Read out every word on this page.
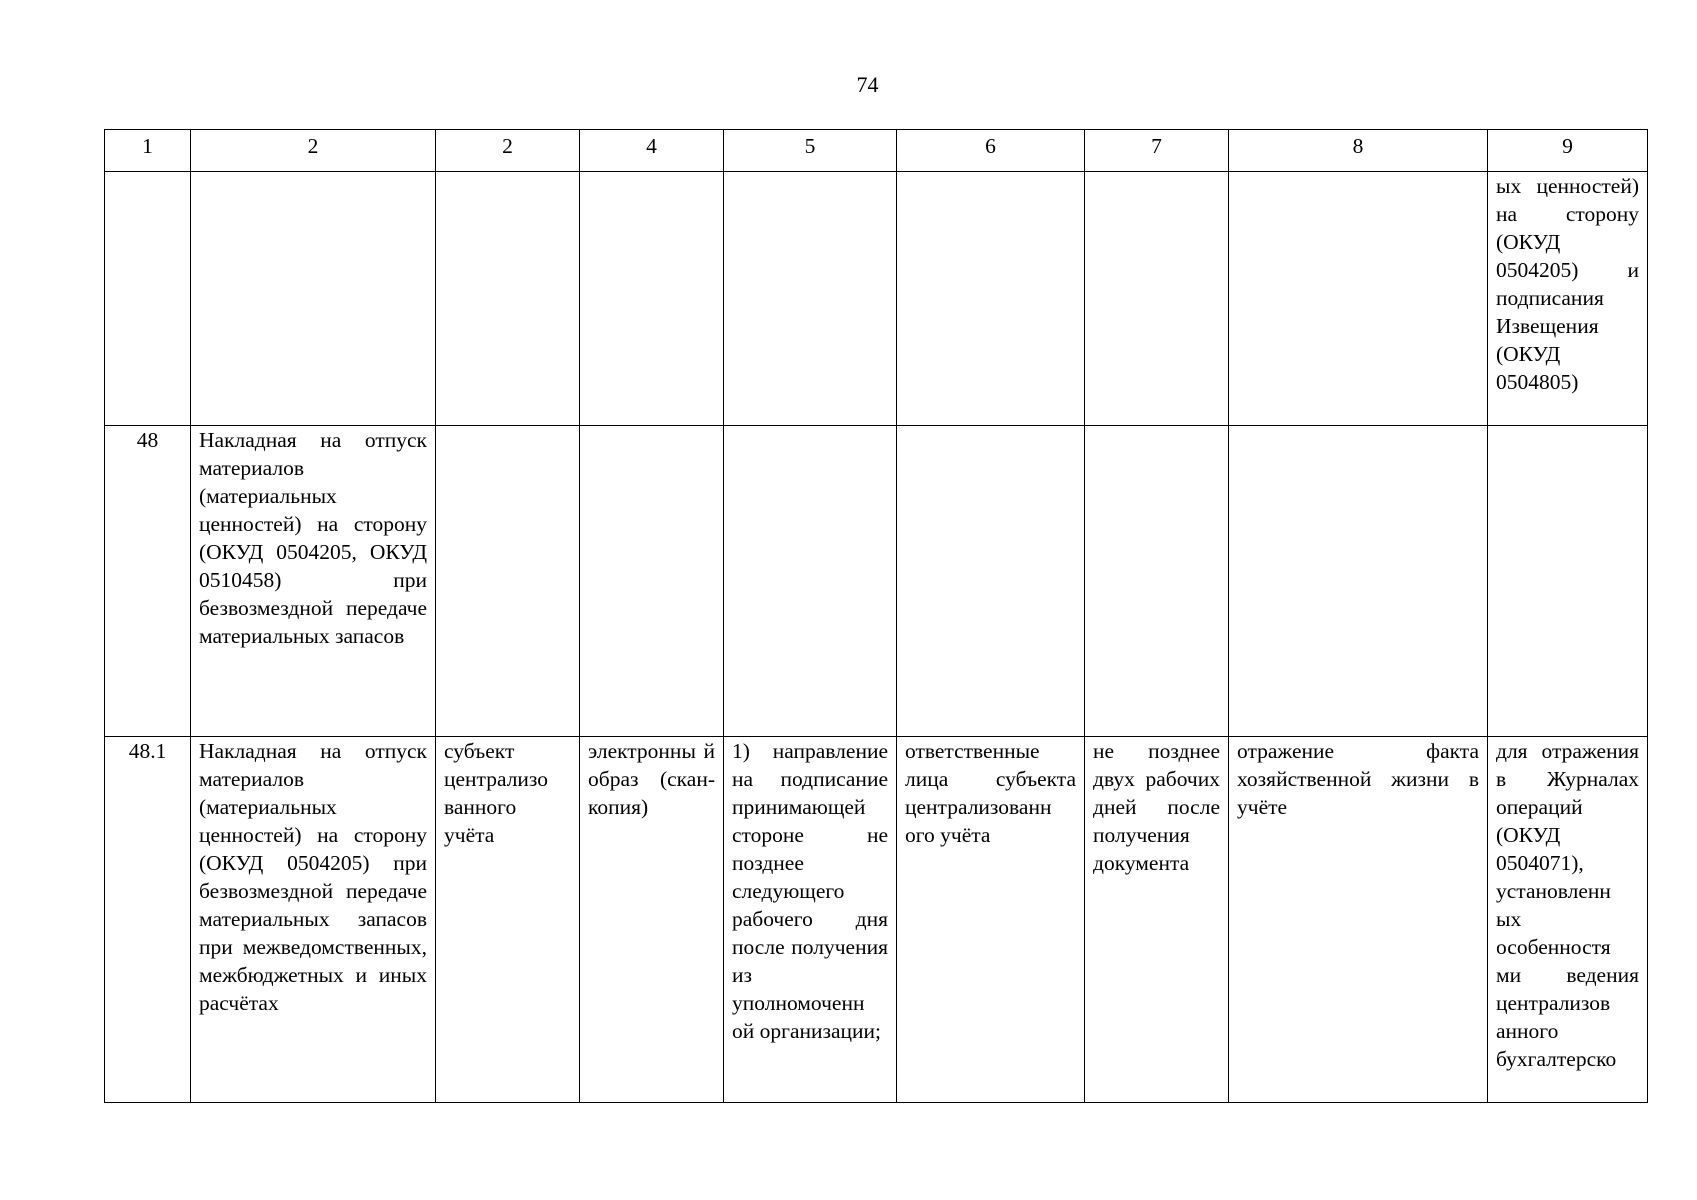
74
1	2	2	4	5	6	7	8	9

								ых ценностей) на сторону (ОКУД 0504205) и подписания Извещения (ОКУД 0504805)
48	Накладная на отпуск материалов (материальных ценностей) на сторону (ОКУД 0504205, ОКУД 0510458) при безвозмездной передаче материальных запасов							
48.1	Накладная на отпуск материалов (материальных ценностей) на сторону (ОКУД 0504205) при безвозмездной передаче материальных запасов при межведомственных, межбюджетных и иных расчётах	субъект централизо ванного учёта	электронны й образ (скан-копия)	1) направление на подписание принимающей стороне не позднее следующего рабочего дня после получения из уполномоченн ой организации;	ответственные лица субъекта централизованн ого учёта	не позднее двух рабочих дней после получения документа	отражение факта хозяйственной жизни в учёте	для отражения в Журналах операций (ОКУД 0504071), установленн ых особенностя ми ведения централизов анного бухгалтерско
